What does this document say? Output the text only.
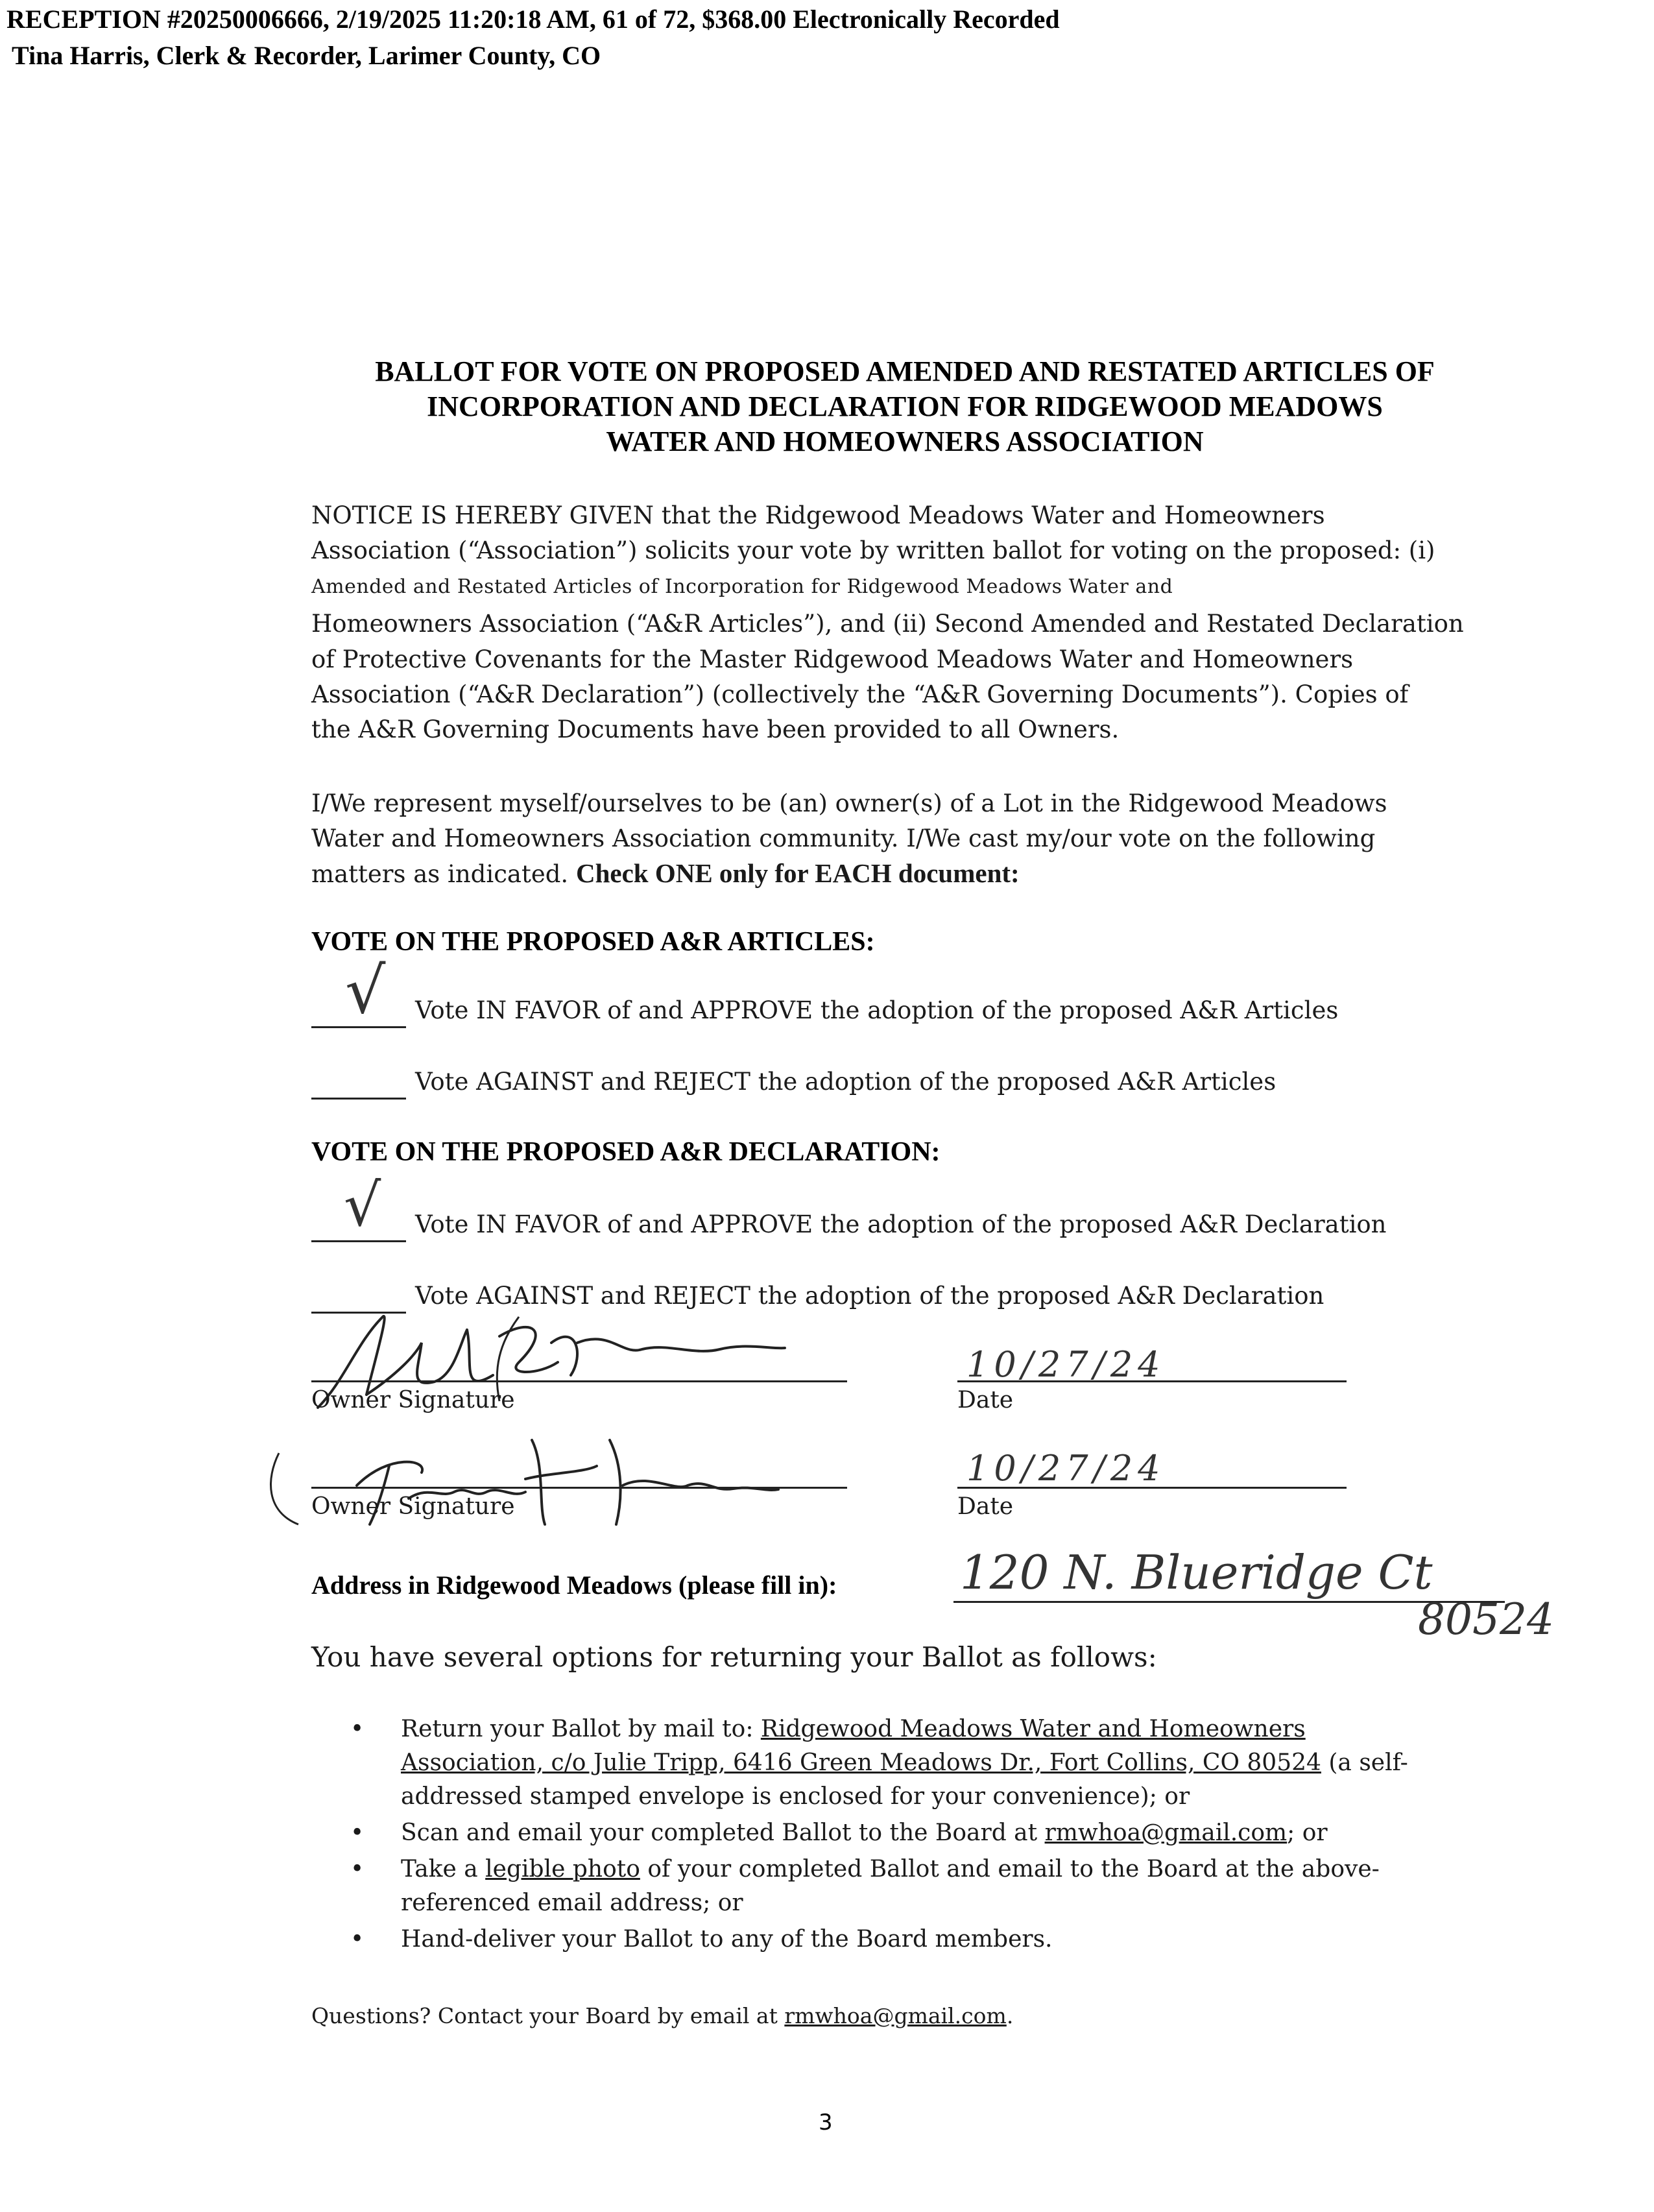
RECEPTION #20250006666, 2/19/2025 11:20:18 AM, 61 of 72, $368.00 Electronically Recorded
Tina Harris, Clerk & Recorder, Larimer County, CO
BALLOT FOR VOTE ON PROPOSED AMENDED AND RESTATED ARTICLES OF
INCORPORATION AND DECLARATION FOR RIDGEWOOD MEADOWS
WATER AND HOMEOWNERS ASSOCIATION
NOTICE IS HEREBY GIVEN that the Ridgewood Meadows Water and Homeowners
Association (“Association”) solicits your vote by written ballot for voting on the proposed: (i)
Amended and Restated Articles of Incorporation for Ridgewood Meadows Water and
Homeowners Association (“A&R Articles”), and (ii) Second Amended and Restated Declaration
of Protective Covenants for the Master Ridgewood Meadows Water and Homeowners
Association (“A&R Declaration”) (collectively the “A&R Governing Documents”). Copies of
the A&R Governing Documents have been provided to all Owners.
I/We represent myself/ourselves to be (an) owner(s) of a Lot in the Ridgewood Meadows
Water and Homeowners Association community. I/We cast my/our vote on the following
matters as indicated. Check ONE only for EACH document:
VOTE ON THE PROPOSED A&R ARTICLES:
√ Vote IN FAVOR of and APPROVE the adoption of the proposed A&R Articles
Vote AGAINST and REJECT the adoption of the proposed A&R Articles
VOTE ON THE PROPOSED A&R DECLARATION:
√ Vote IN FAVOR of and APPROVE the adoption of the proposed A&R Declaration
Vote AGAINST and REJECT the adoption of the proposed A&R Declaration
Owner Signature
10/27/24
Date
Owner Signature
10/27/24
Date
Address in Ridgewood Meadows (please fill in):	120 N. Blueridge Ct
80524
You have several options for returning your Ballot as follows:
• Return your Ballot by mail to: Ridgewood Meadows Water and Homeowners
Association, c/o Julie Tripp, 6416 Green Meadows Dr., Fort Collins, CO 80524 (a self-
addressed stamped envelope is enclosed for your convenience); or
• Scan and email your completed Ballot to the Board at rmwhoa@gmail.com; or
• Take a legible photo of your completed Ballot and email to the Board at the above-
referenced email address; or
• Hand-deliver your Ballot to any of the Board members.
Questions? Contact your Board by email at rmwhoa@gmail.com.
3
